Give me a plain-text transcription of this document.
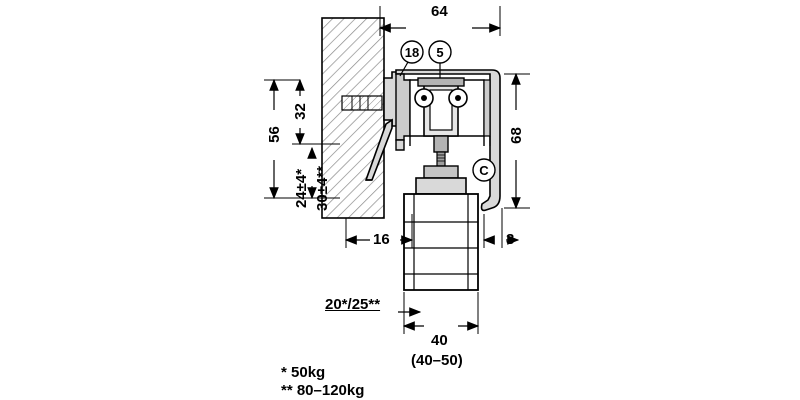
64
68
56
32
24±4* 30±4**
16	3
20*/25**
40
(40–50)
18 5
C
* 50kg
** 80–120kg
